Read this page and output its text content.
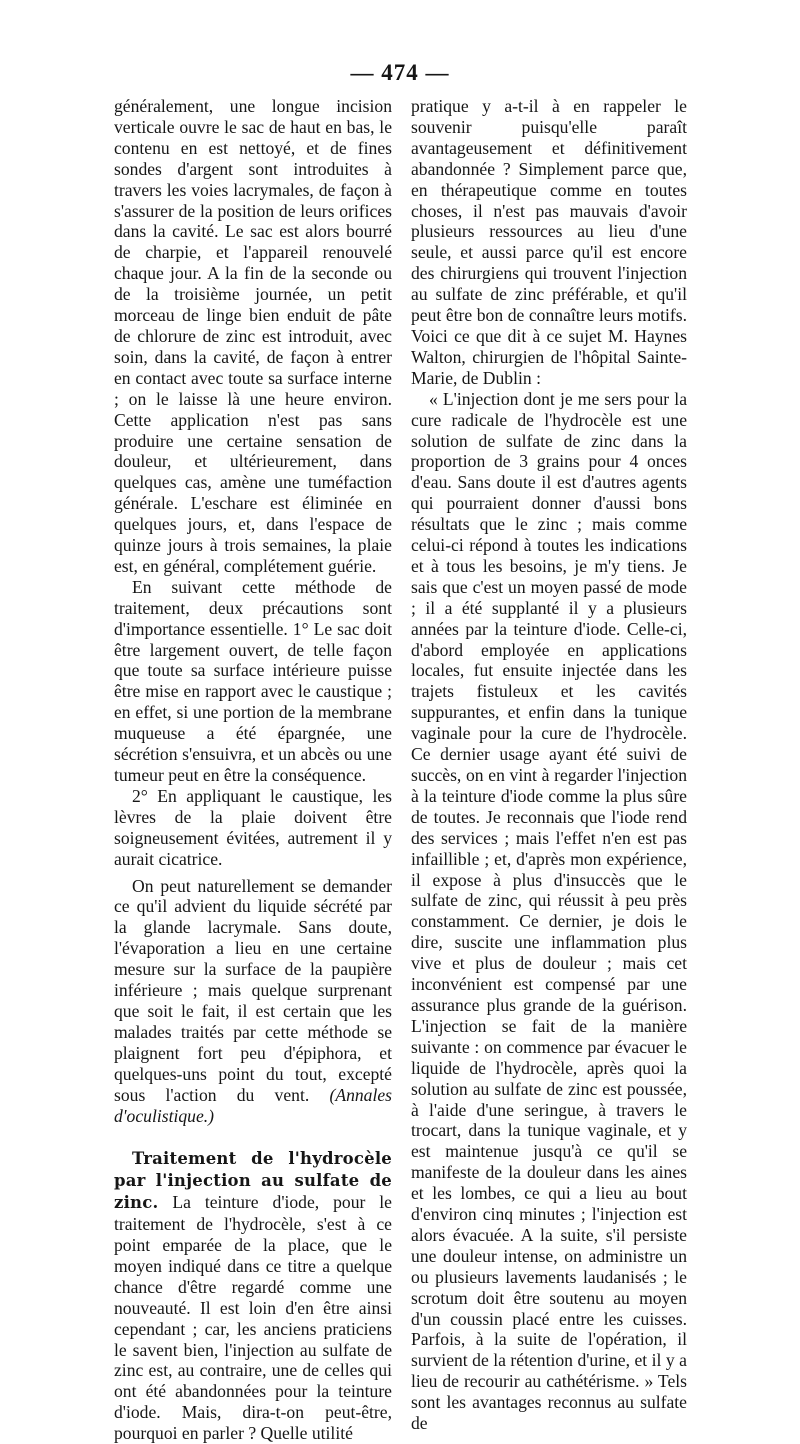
— 474 —

généralement, une longue incision verticale ouvre le sac de haut en bas, le contenu en est nettoyé, et de fines sondes d'argent sont introduites à travers les voies lacrymales, de façon à s'assurer de la position de leurs orifices dans la cavité. Le sac est alors bourré de charpie, et l'appareil renouvelé chaque jour. A la fin de la seconde ou de la troisième journée, un petit morceau de linge bien enduit de pâte de chlorure de zinc est introduit, avec soin, dans la cavité, de façon à entrer en contact avec toute sa surface interne ; on le laisse là une heure environ. Cette application n'est pas sans produire une certaine sensation de douleur, et ultérieurement, dans quelques cas, amène une tuméfaction générale. L'eschare est éliminée en quelques jours, et, dans l'espace de quinze jours à trois semaines, la plaie est, en général, complétement guérie.

En suivant cette méthode de traitement, deux précautions sont d'importance essentielle. 1° Le sac doit être largement ouvert, de telle façon que toute sa surface intérieure puisse être mise en rapport avec le caustique ; en effet, si une portion de la membrane muqueuse a été épargnée, une sécrétion s'ensuivra, et un abcès ou une tumeur peut en être la conséquence.

2° En appliquant le caustique, les lèvres de la plaie doivent être soigneusement évitées, autrement il y aurait cicatrice.

On peut naturellement se demander ce qu'il advient du liquide sécrété par la glande lacrymale. Sans doute, l'évaporation a lieu en une certaine mesure sur la surface de la paupière inférieure ; mais quelque surprenant que soit le fait, il est certain que les malades traités par cette méthode se plaignent fort peu d'épiphora, et quelques-uns point du tout, excepté sous l'action du vent. (Annales d'oculistique.)

Traitement de l'hydrocèle par l'injection au sulfate de zinc. La teinture d'iode, pour le traitement de l'hydrocèle, s'est à ce point emparée de la place, que le moyen indiqué dans ce titre a quelque chance d'être regardé comme une nouveauté. Il est loin d'en être ainsi cependant ; car, les anciens praticiens le savent bien, l'injection au sulfate de zinc est, au contraire, une de celles qui ont été abandonnées pour la teinture d'iode. Mais, dira-t-on peut-être, pourquoi en parler ? Quelle utilité

pratique y a-t-il à en rappeler le souvenir puisqu'elle paraît avantageusement et définitivement abandonnée ? Simplement parce que, en thérapeutique comme en toutes choses, il n'est pas mauvais d'avoir plusieurs ressources au lieu d'une seule, et aussi parce qu'il est encore des chirurgiens qui trouvent l'injection au sulfate de zinc préférable, et qu'il peut être bon de connaître leurs motifs. Voici ce que dit à ce sujet M. Haynes Walton, chirurgien de l'hôpital Sainte-Marie, de Dublin :

« L'injection dont je me sers pour la cure radicale de l'hydrocèle est une solution de sulfate de zinc dans la proportion de 3 grains pour 4 onces d'eau. Sans doute il est d'autres agents qui pourraient donner d'aussi bons résultats que le zinc ; mais comme celui-ci répond à toutes les indications et à tous les besoins, je m'y tiens. Je sais que c'est un moyen passé de mode ; il a été supplanté il y a plusieurs années par la teinture d'iode. Celle-ci, d'abord employée en applications locales, fut ensuite injectée dans les trajets fistuleux et les cavités suppurantes, et enfin dans la tunique vaginale pour la cure de l'hydrocèle. Ce dernier usage ayant été suivi de succès, on en vint à regarder l'injection à la teinture d'iode comme la plus sûre de toutes. Je reconnais que l'iode rend des services ; mais l'effet n'en est pas infaillible ; et, d'après mon expérience, il expose à plus d'insuccès que le sulfate de zinc, qui réussit à peu près constamment. Ce dernier, je dois le dire, suscite une inflammation plus vive et plus de douleur ; mais cet inconvénient est compensé par une assurance plus grande de la guérison. L'injection se fait de la manière suivante : on commence par évacuer le liquide de l'hydrocèle, après quoi la solution au sulfate de zinc est poussée, à l'aide d'une seringue, à travers le trocart, dans la tunique vaginale, et y est maintenue jusqu'à ce qu'il se manifeste de la douleur dans les aines et les lombes, ce qui a lieu au bout d'environ cinq minutes ; l'injection est alors évacuée. A la suite, s'il persiste une douleur intense, on administre un ou plusieurs lavements laudanisés ; le scrotum doit être soutenu au moyen d'un coussin placé entre les cuisses. Parfois, à la suite de l'opération, il survient de la rétention d'urine, et il y a lieu de recourir au cathétérisme. » Tels sont les avantages reconnus au sulfate de
